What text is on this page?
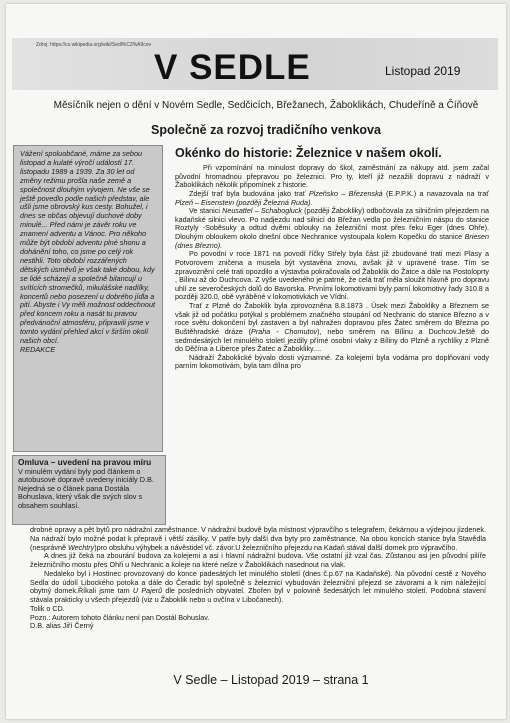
Zdroj: https://cs.wikipedia.org/wiki/Sedl%C3%A9cov
V SEDLE	Listopad 2019
Měsíčník nejen o dění v Novém Sedle, Sedčicích, Břežanech, Žaboklikách, Chudeříně a Číňově
Společně za rozvoj tradičního venkova
Vážení spoluobčané, máme za sebou listopad a kulaté výročí událostí 17. listopadu 1989 a 1939. Za 30 let od změny režimu prošla naše země a společnost dlouhým vývojem. Ne vše se ještě povedlo podle našich představ, ale ušli jsme obrovský kus cesty. Bohužel, i dnes se občas objevují duchové doby minulé... Před námi je závěr roku ve znamení adventu a Vánoc. Pro někoho může být období adventu plné shonu a dohánění toho, co jsme po celý rok nestihli. Toto období rozzářených dětských úsměvů je však také dobou, kdy se lidé scházejí a společně bilancují u svítících stromečků, mikulášské nadílky, koncertů nebo posezení u dobrého jídla a pití. Abyste i Vy měli možnost oddechnout před koncem roku a nasát tu pravou předvánoční atmosféru, připravili jsme v tomto vydání přehled akcí v širším okolí našich obcí.
REDAKCE
Omluva – uvedení na pravou míru
V minulém vydání byly pod článkem o autobusové dopravě uvedeny iniciály D.B. Nejedná se o článek pana Dostála Bohuslava, který však dle svých slov s obsahem souhlasí.
Okénko do historie: Železnice v našem okolí.

Při vzpomínání na minulost dopravy do škol, zaměstnání za nákupy atd. jsem začal původní hromadnou přepravou po železnici. Pro ty, kteří již nezažili dopravu z nádraží v Žaboklikách několik připomínek z historie.

Zdejší trať byla budována jako trať Plzeňsko – Březenská (E.P.P.K.) a navazovala na trať Plzeň – Eisenstein (později Železná Ruda).

Ve stanici Neusattel – Schabogluck (později Žabokliky) odbočovala za silničním přejezdem na kadaňské silnici vlevo. Po nadjezdu nad silnicí do Břežan vedla po železničním náspu do stanice Roztyly -Soběsuky a odtud dvěmi oblouky na železniční most přes řeku Eger (dnes Ohře). Dlouhým obloukem okolo dnešní obce Nechranice vystoupala kolem Kopečku do stanice Briesen (dnes Březno).

Po povodni v roce 1871 na povodí říčky Střely byla část již zbudované trati mezi Plasy a Potvorovem zničena a musela být vystavěna znovu, avšak již v upravené trase. Tím se zpravoznění celé trati opozdilo a výstavba pokračovala od Žaboklik do Žatce a dále na Postoloprty , Bílinu až do Duchcova. Z výše uvedeného je patrné, že celá trať měla sloužit hlavně pro dopravu uhlí ze severočeských dolů do Bavorska. Prvními lokomotivami byly parní lokomotivy řady 310.8 a později 320.0, obě vyráběné v lokomotivkách ve Vídni.

Trať z Plzně do Žaboklik byla zprovozněna 8.8.1873 . Úsek mezi Žabokliky a Březnem se však již od počátku potýkal s problémem značného stoupání od Nechranic do stanice Březno a v roce světu dokončení byl zastaven a byl nahražen dopravou přes Žatec směrem do Března po Buštěhradské dráze (Praha - Chomutov), nebo směrem na Bílinu a Duchcov.Ještě do sedmdesátých let minulého století jezdily přímé osobní vlaky z Bíliny do Plzně a rychlíky z Plzně do Děčína a Liberce přes Žatec a Žabokliky....

Nádraží Žaboklické bývalo dosti významné. Za kolejemi byla vodárna pro doplňování vody parním lokomotivám, byla tam dílna pro

drobné opravy a pět bytů pro nádražní zaměstnance. V nádražní budově byla místnost výpravčího s telegrafem, čekárnou a výdejnou jízdenek. Na nádraží bylo možné podat k přepravě i větší zásilky. V patře byly další dva byty pro zaměstnance. Na obou koncích stanice byla Stavědla (nesprávně Wechtry)pro obsluhu výhybek a návěstidel vč. závor.U železničního přejezdu na Kadaň stával další domek pro výpravčího.

A dnes již čeká na zbourání budova za kolejemi a asi i hlavní nádražní budova. Vše ostatní již vzal čas. Zůstanou asi jen původní pilíře železničního mostu přes Ohři u Nechranic a koleje na které nelze v Žaboklikách nasednout na vlak.

Nedaleko byl i Hostinec provozovaný do konce padesátých let minulého století (dnes č.p.67 na Kadaňské). Na původní cestě z Nového Sedla do údolí Libockého potoka a dále do Čeradic byl společně s železnicí vybudován železniční přejezd se závorami a k nim náležející obytný domek.Říkali jsme tam U Pajerů dle posledních obyvatel. Zbořen byl v polovině šedesátých let minulého století. Podobná stavení stávala prakticky u všech přejezdů (viz u Žaboklik nebo u ovčína v Libočanech).

Tolik o CD.

Pozn.: Autorem tohoto článku není pan Dostál Bohuslav.

D.B. alias Jiří Černý

V Sedle – Listopad 2019 – strana 1
